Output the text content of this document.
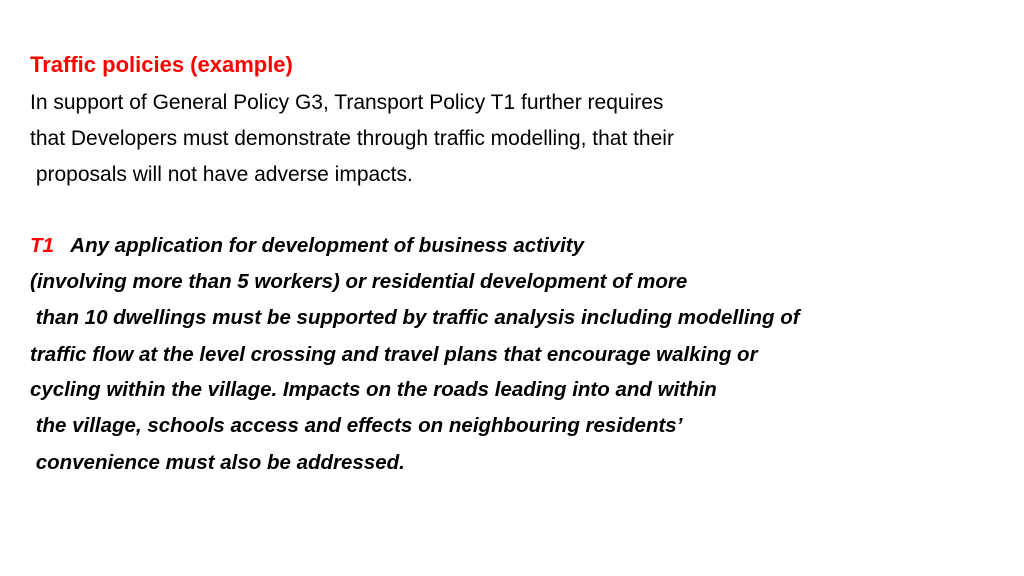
Traffic policies (example)
In support of General Policy G3, Transport Policy T1 further requires
that Developers must demonstrate through traffic modelling, that their
proposals will not have adverse impacts.
T1   Any application for development of business activity
(involving more than 5 workers) or residential development of more
than 10 dwellings must be supported by traffic analysis including modelling of
traffic flow at the level crossing and travel plans that encourage walking or
cycling within the village. Impacts on the roads leading into and within
the village, schools access and effects on neighbouring residents’
convenience must also be addressed.
